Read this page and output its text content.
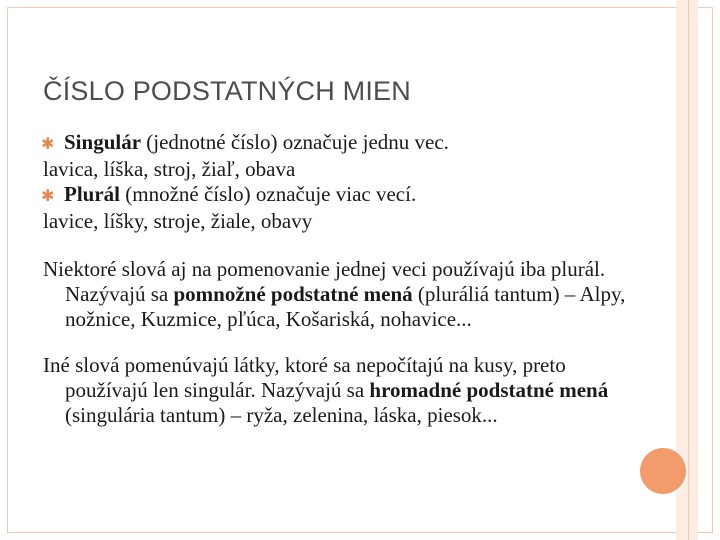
ČÍSLO PODSTATNÝCH MIEN
✱ Singulár (jednotné číslo) označuje jednu vec.
lavica, líška, stroj, žiaľ, obava
✱ Plurál (množné číslo) označuje viac vecí.
lavice, líšky, stroje, žiale, obavy

Niektoré slová aj na pomenovanie jednej veci používajú iba plurál. Nazývajú sa pomnožné podstatné mená (pluráliá tantum) – Alpy, nožnice, Kuzmice, pľúca, Košariská, nohavice...

Iné slová pomenúvajú látky, ktoré sa nepočítajú na kusy, preto používajú len singulár. Nazývajú sa hromadné podstatné mená (singulária tantum) – ryža, zelenina, láska, piesok...
